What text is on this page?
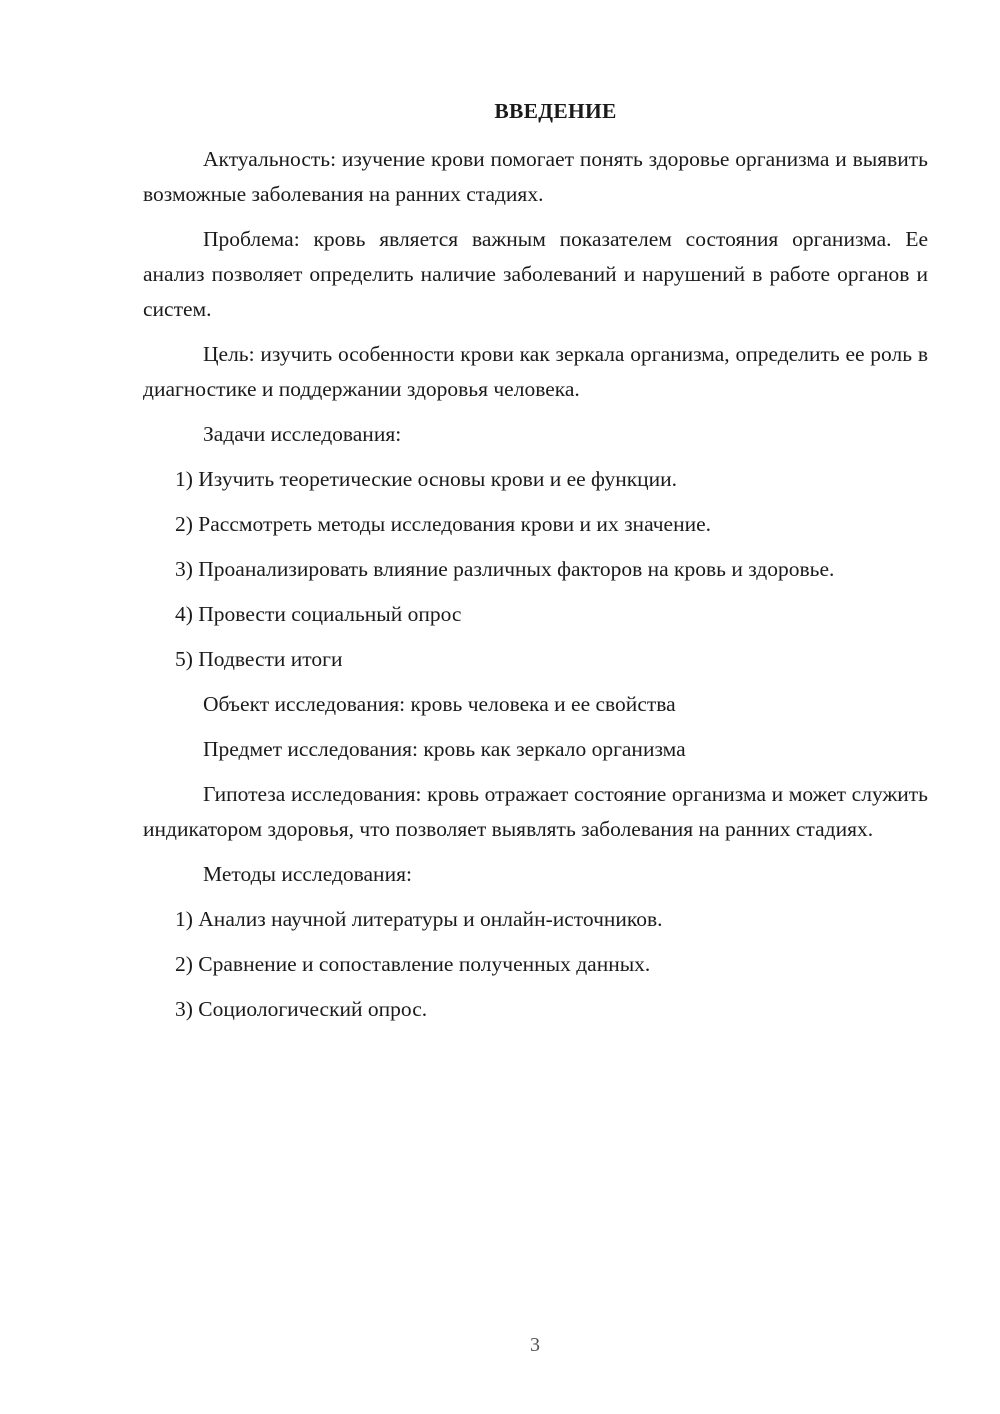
ВВЕДЕНИЕ

Актуальность: изучение крови помогает понять здоровье организма и выявить возможные заболевания на ранних стадиях.

Проблема: кровь является важным показателем состояния организма. Ее анализ позволяет определить наличие заболеваний и нарушений в работе органов и систем.

Цель: изучить особенности крови как зеркала организма, определить ее роль в диагностике и поддержании здоровья человека.

Задачи исследования:

1) Изучить теоретические основы крови и ее функции.

2) Рассмотреть методы исследования крови и их значение.

3) Проанализировать влияние различных факторов на кровь и здоровье.

4) Провести социальный опрос

5) Подвести итоги

Объект исследования: кровь человека и ее свойства

Предмет исследования: кровь как зеркало организма

Гипотеза исследования: кровь отражает состояние организма и может служить индикатором здоровья, что позволяет выявлять заболевания на ранних стадиях.

Методы исследования:

1) Анализ научной литературы и онлайн-источников.

2) Сравнение и сопоставление полученных данных.

3) Социологический опрос.

3
